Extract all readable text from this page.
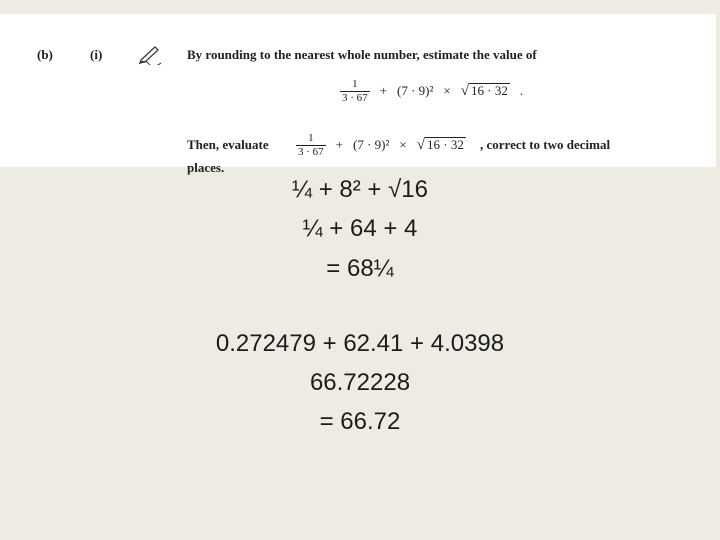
(b)	(i)	By rounding to the nearest whole number, estimate the value of
$\frac{1}{3 \cdot 67} + (7 \cdot 9)^2$ × √ 16 · 32 .
Then, evaluate $\frac{1}{3 \cdot 67} + (7 \cdot 9)^2$ × √ 16 · 32 , correct to two decimal
places.
¼ + 8² + √16
¼ + 64 + 4
= 68¼
0.272479 + 62.41 + 4.0398
66.72228
= 66.72
